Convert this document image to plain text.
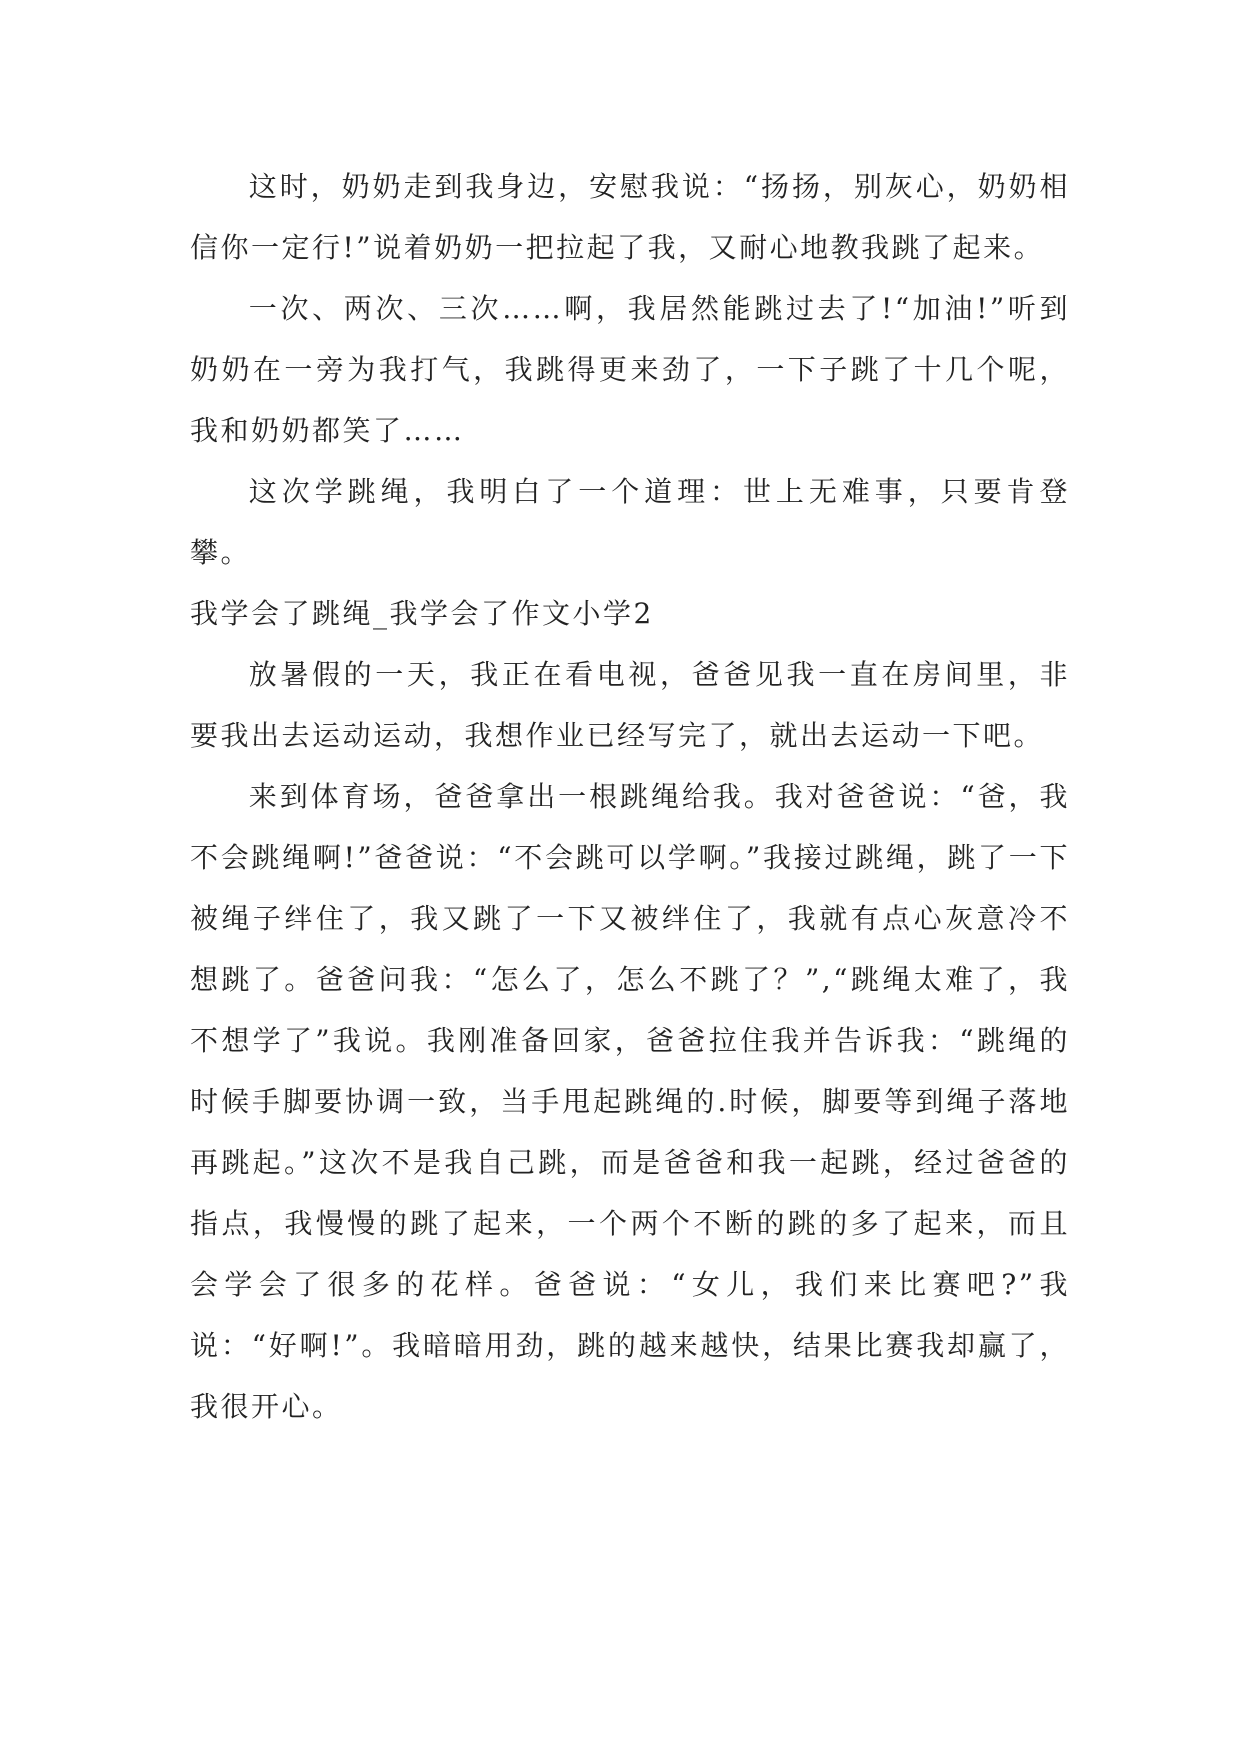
这时，奶奶走到我身边，安慰我说：“扬扬，别灰心，奶奶相信你一定行!”说着奶奶一把拉起了我，又耐心地教我跳了起来。

一次、两次、三次……啊，我居然能跳过去了!“加油!”听到奶奶在一旁为我打气，我跳得更来劲了，一下子跳了十几个呢，我和奶奶都笑了……

这次学跳绳，我明白了一个道理：世上无难事，只要肯登攀。

我学会了跳绳_我学会了作文小学2

放暑假的一天，我正在看电视，爸爸见我一直在房间里，非要我出去运动运动，我想作业已经写完了，就出去运动一下吧。

来到体育场，爸爸拿出一根跳绳给我。我对爸爸说：“爸，我不会跳绳啊!”爸爸说：“不会跳可以学啊。”我接过跳绳，跳了一下被绳子绊住了，我又跳了一下又被绊住了，我就有点心灰意冷不想跳了。爸爸问我：“怎么了，怎么不跳了？”,“跳绳太难了，我不想学了”我说。我刚准备回家，爸爸拉住我并告诉我：“跳绳的时候手脚要协调一致，当手甩起跳绳的.时候，脚要等到绳子落地再跳起。”这次不是我自己跳，而是爸爸和我一起跳，经过爸爸的指点，我慢慢的跳了起来，一个两个不断的跳的多了起来，而且会学会了很多的花样。爸爸说：“女儿，我们来比赛吧?”我说：“好啊!”。我暗暗用劲，跳的越来越快，结果比赛我却赢了，我很开心。
